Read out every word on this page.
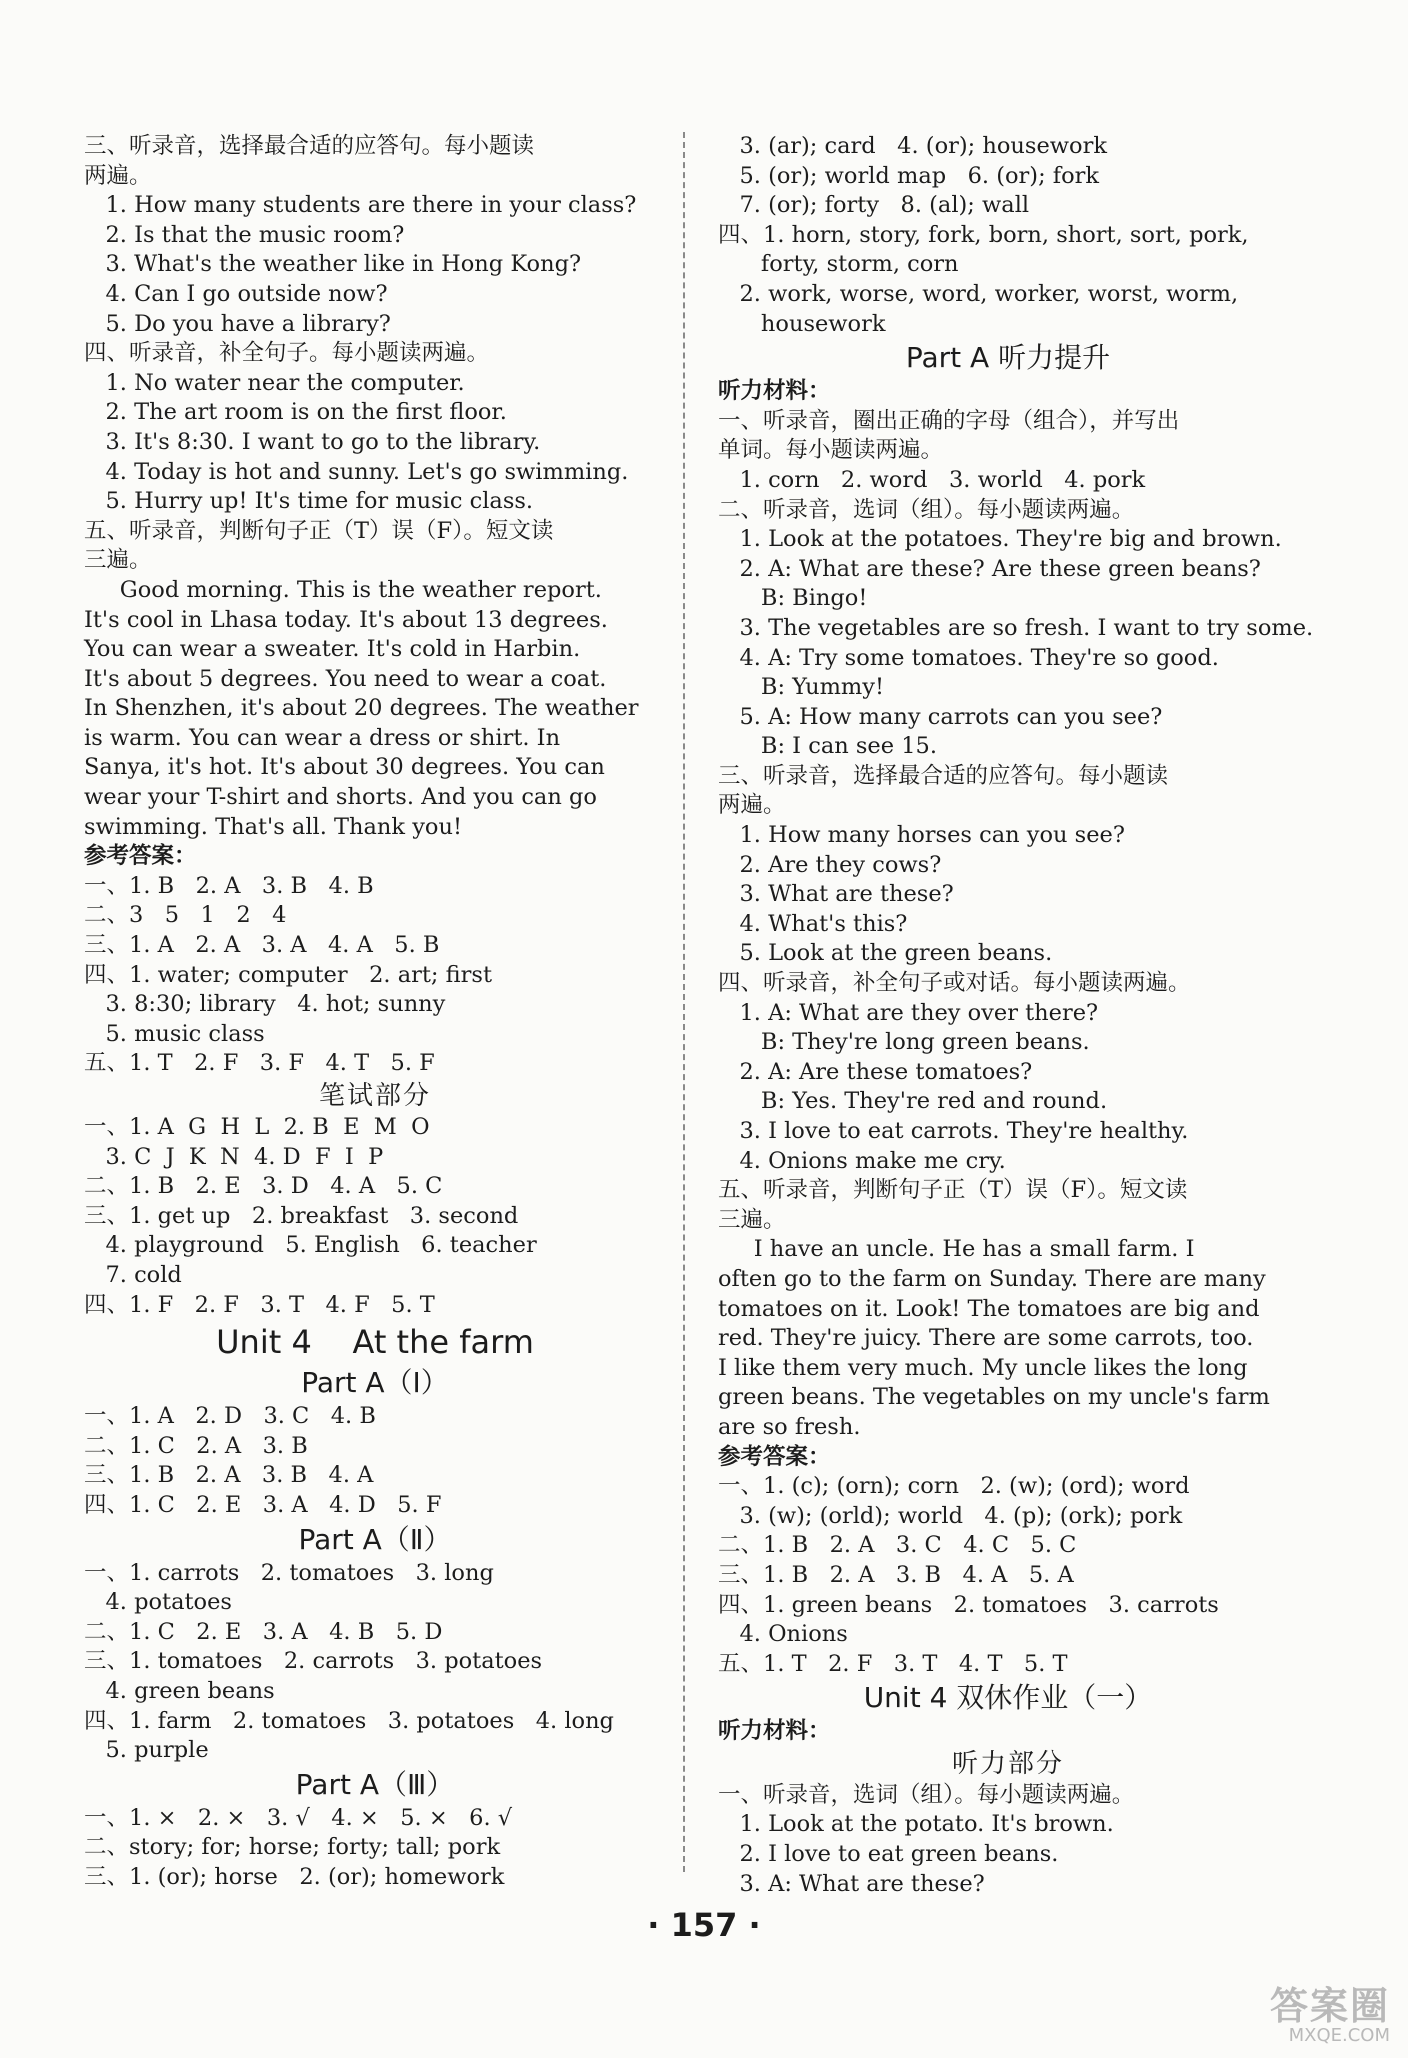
三、听录音，选择最合适的应答句。每小题读
两遍。
1. How many students are there in your class?
2. Is that the music room?
3. What's the weather like in Hong Kong?
4. Can I go outside now?
5. Do you have a library?
四、听录音，补全句子。每小题读两遍。
1. No water near the computer.
2. The art room is on the first floor.
3. It's 8:30. I want to go to the library.
4. Today is hot and sunny. Let's go swimming.
5. Hurry up! It's time for music class.
五、听录音，判断句子正（T）误（F）。短文读
三遍。
Good morning. This is the weather report.
It's cool in Lhasa today. It's about 13 degrees.
You can wear a sweater. It's cold in Harbin.
It's about 5 degrees. You need to wear a coat.
In Shenzhen, it's about 20 degrees. The weather
is warm. You can wear a dress or shirt. In
Sanya, it's hot. It's about 30 degrees. You can
wear your T-shirt and shorts. And you can go
swimming. That's all. Thank you!
参考答案：
一、1. B   2. A   3. B   4. B
二、3   5   1   2   4
三、1. A   2. A   3. A   4. A   5. B
四、1. water; computer   2. art; first
3. 8:30; library   4. hot; sunny
5. music class
五、1. T   2. F   3. F   4. T   5. F
笔试部分
一、1. A  G  H  L  2. B  E  M  O
3. C  J  K  N  4. D  F  I  P
二、1. B   2. E   3. D   4. A   5. C
三、1. get up   2. breakfast   3. second
4. playground   5. English   6. teacher
7. cold
四、1. F   2. F   3. T   4. F   5. T
Unit 4    At the farm
Part A（Ⅰ）
一、1. A   2. D   3. C   4. B
二、1. C   2. A   3. B
三、1. B   2. A   3. B   4. A
四、1. C   2. E   3. A   4. D   5. F
Part A（Ⅱ）
一、1. carrots   2. tomatoes   3. long
4. potatoes
二、1. C   2. E   3. A   4. B   5. D
三、1. tomatoes   2. carrots   3. potatoes
4. green beans
四、1. farm   2. tomatoes   3. potatoes   4. long
5. purple
Part A（Ⅲ）
一、1. ×   2. ×   3. √   4. ×   5. ×   6. √
二、story; for; horse; forty; tall; pork
三、1. (or); horse   2. (or); homework
3. (ar); card   4. (or); housework
5. (or); world map   6. (or); fork
7. (or); forty   8. (al); wall
四、1. horn, story, fork, born, short, sort, pork,
forty, storm, corn
2. work, worse, word, worker, worst, worm,
housework
Part A 听力提升
听力材料：
一、听录音，圈出正确的字母（组合），并写出
单词。每小题读两遍。
1. corn   2. word   3. world   4. pork
二、听录音，选词（组）。每小题读两遍。
1. Look at the potatoes. They're big and brown.
2. A: What are these? Are these green beans?
B: Bingo!
3. The vegetables are so fresh. I want to try some.
4. A: Try some tomatoes. They're so good.
B: Yummy!
5. A: How many carrots can you see?
B: I can see 15.
三、听录音，选择最合适的应答句。每小题读
两遍。
1. How many horses can you see?
2. Are they cows?
3. What are these?
4. What's this?
5. Look at the green beans.
四、听录音，补全句子或对话。每小题读两遍。
1. A: What are they over there?
B: They're long green beans.
2. A: Are these tomatoes?
B: Yes. They're red and round.
3. I love to eat carrots. They're healthy.
4. Onions make me cry.
五、听录音，判断句子正（T）误（F）。短文读
三遍。
I have an uncle. He has a small farm. I
often go to the farm on Sunday. There are many
tomatoes on it. Look! The tomatoes are big and
red. They're juicy. There are some carrots, too.
I like them very much. My uncle likes the long
green beans. The vegetables on my uncle's farm
are so fresh.
参考答案：
一、1. (c); (orn); corn   2. (w); (ord); word
3. (w); (orld); world   4. (p); (ork); pork
二、1. B   2. A   3. C   4. C   5. C
三、1. B   2. A   3. B   4. A   5. A
四、1. green beans   2. tomatoes   3. carrots
4. Onions
五、1. T   2. F   3. T   4. T   5. T
Unit 4 双休作业（一）
听力材料：
听力部分
一、听录音，选词（组）。每小题读两遍。
1. Look at the potato. It's brown.
2. I love to eat green beans.
3. A: What are these?
· 157 ·
答案圈
MXQE.COM
